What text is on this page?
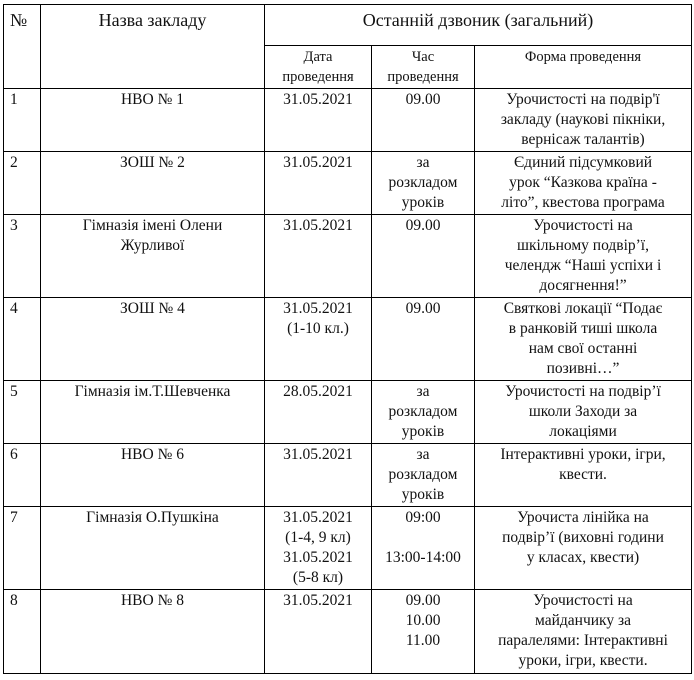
№	Назва закладу	Останній дзвоник (загальний)		

		Дата
проведення	Час
проведення	Форма проведення
1	НВО № 1	31.05.2021	09.00	Урочистості на подвір'ї
закладу (наукові пікніки,
вернісаж талантів)

2	ЗОШ № 2	31.05.2021	за
розкладом
уроків	Єдиний підсумковий
урок “Казкова країна -
літо”, квестова програма

3	Гімназія імені Олени
Журливої	31.05.2021	09.00	Урочистості на
шкільному подвір’ї,
челендж “Наші успіхи і
досягнення!”

4	ЗОШ № 4	31.05.2021
(1-10 кл.)	09.00	Святкові локації “Подає
в ранковій тиші школа
нам свої останні
позивні…”

5	Гімназія ім.Т.Шевченка	28.05.2021	за
розкладом
уроків	Урочистості на подвір’ї
школи Заходи за
локаціями

6	НВО № 6	31.05.2021	за
розкладом
уроків	Інтерактивні уроки, ігри,
квести.

7	Гімназія О.Пушкіна	31.05.2021
(1-4, 9 кл)
31.05.2021
(5-8 кл)	09:00
13:00-14:00	Урочиста лінійка на
подвір’ї (виховні години
у класах, квести)

8	НВО № 8	31.05.2021	09.00
10.00
11.00	Урочистості на
майданчику за
паралелями: Інтерактивні
уроки, ігри, квести.
